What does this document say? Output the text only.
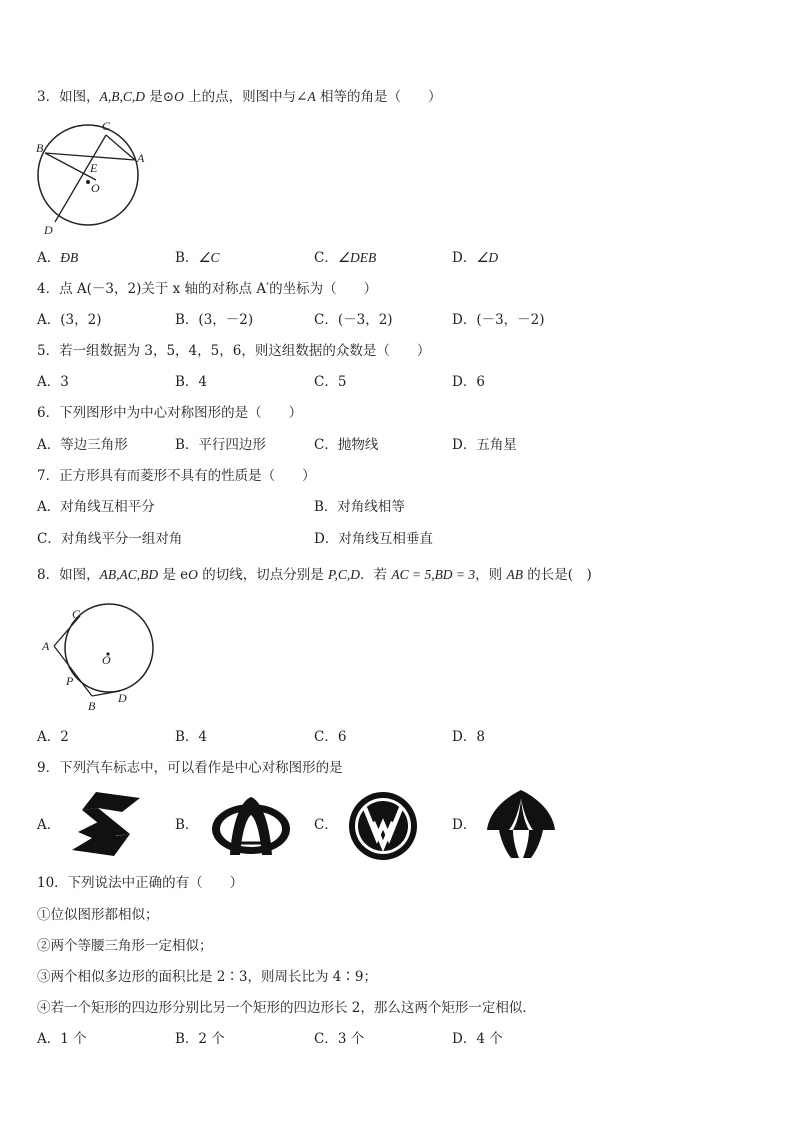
3．如图，A,B,C,D 是⊙O 上的点，则图中与∠A 相等的角是（　　）
B
C
A
E
O
D
A．ÐB	B．∠C	C．∠DEB	D．∠D
4．点 A(－3，2)关于 x 轴的对称点 A′的坐标为（　　）
A．(3，2)	B．(3，－2)	C．(－3，2)	D．(－3，－2)
5．若一组数据为 3，5，4，5，6，则这组数据的众数是（　　）
A．3	B．4	C．5	D．6
6．下列图形中为中心对称图形的是（　　）
A．等边三角形	B．平行四边形	C．抛物线	D．五角星
7．正方形具有而菱形不具有的性质是（　　）
A．对角线互相平分	B．对角线相等
C．对角线平分一组对角	D．对角线互相垂直
8．如图，AB,AC,BD 是 eO 的切线，切点分别是 P,C,D．若 AC = 5,BD = 3，则 AB 的长是(　)
C
A
O
P
B
D
A．2	B．4	C．6	D．8
9．下列汽车标志中，可以看作是中心对称图形的是
A．	B．	C．	D．
10．下列说法中正确的有（　　）
①位似图形都相似；
②两个等腰三角形一定相似；
③两个相似多边形的面积比是 2∶3，则周长比为 4∶9；
④若一个矩形的四边形分别比另一个矩形的四边形长 2，那么这两个矩形一定相似．
A．1 个	B．2 个	C．3 个	D．4 个
